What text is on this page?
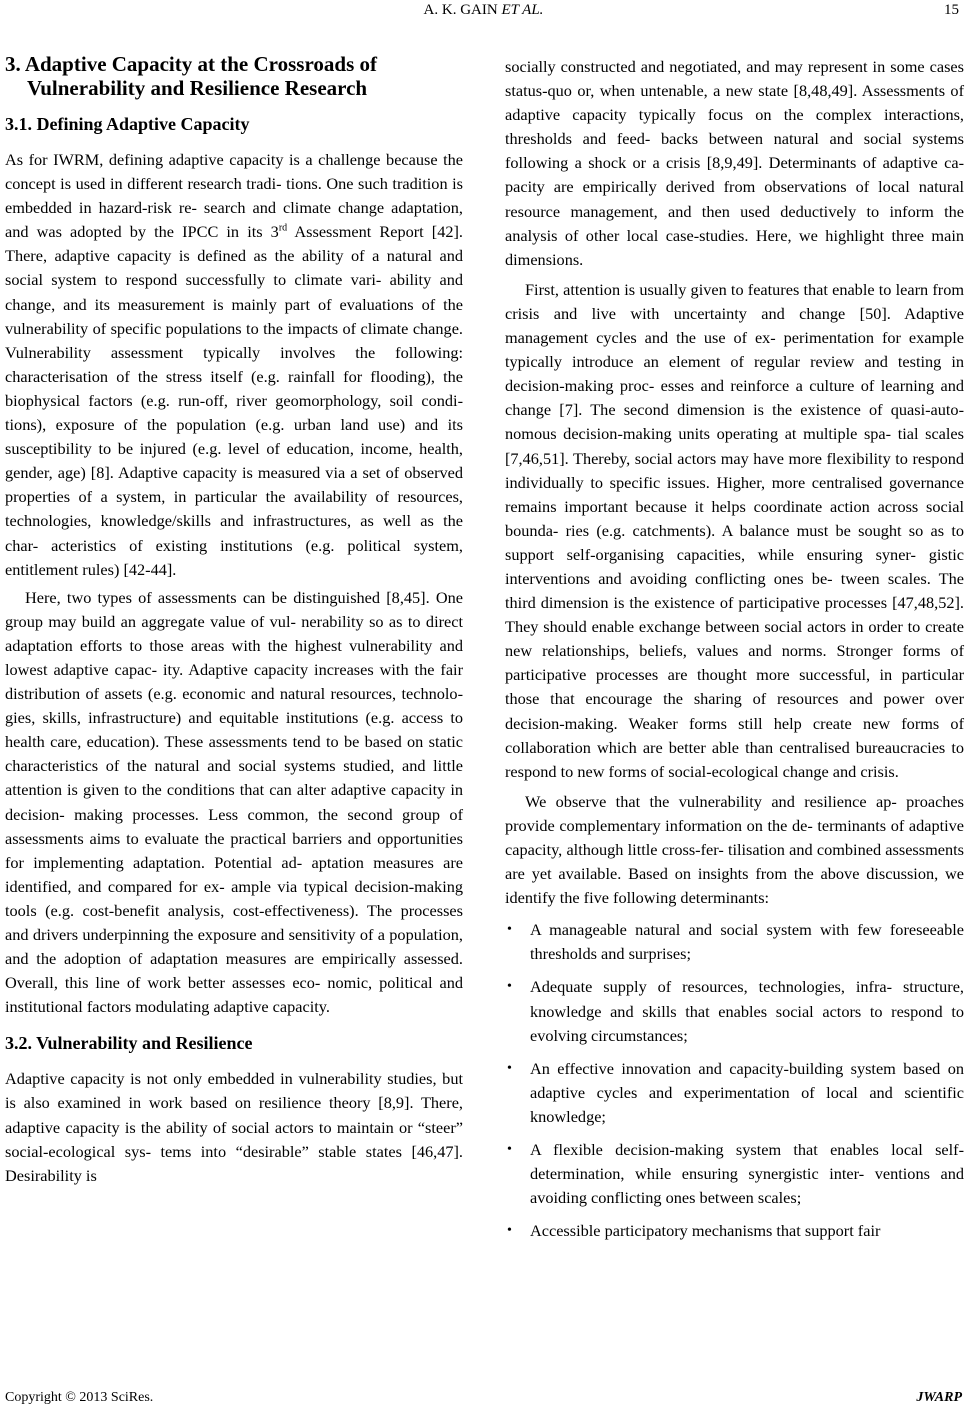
A. K. GAIN ET AL.	15
3. Adaptive Capacity at the Crossroads of
Vulnerability and Resilience Research
3.1. Defining Adaptive Capacity

As for IWRM, defining adaptive capacity is a challenge because the concept is used in different research tradi- tions. One such tradition is embedded in hazard-risk re- search and climate change adaptation, and was adopted by the IPCC in its 3rd Assessment Report [42]. There, adaptive capacity is defined as the ability of a natural and social system to respond successfully to climate vari- ability and change, and its measurement is mainly part of evaluations of the vulnerability of specific populations to the impacts of climate change. Vulnerability assessment typically involves the following: characterisation of the stress itself (e.g. rainfall for flooding), the biophysical factors (e.g. run-off, river geomorphology, soil condi- tions), exposure of the population (e.g. urban land use) and its susceptibility to be injured (e.g. level of education, income, health, gender, age) [8]. Adaptive capacity is measured via a set of observed properties of a system, in particular the availability of resources, technologies, knowledge/skills and infrastructures, as well as the char- acteristics of existing institutions (e.g. political system, entitlement rules) [42-44].

Here, two types of assessments can be distinguished [8,45]. One group may build an aggregate value of vul- nerability so as to direct adaptation efforts to those areas with the highest vulnerability and lowest adaptive capac- ity. Adaptive capacity increases with the fair distribution of assets (e.g. economic and natural resources, technolo- gies, skills, infrastructure) and equitable institutions (e.g. access to health care, education). These assessments tend to be based on static characteristics of the natural and social systems studied, and little attention is given to the conditions that can alter adaptive capacity in decision- making processes. Less common, the second group of assessments aims to evaluate the practical barriers and opportunities for implementing adaptation. Potential ad- aptation measures are identified, and compared for ex- ample via typical decision-making tools (e.g. cost-benefit analysis, cost-effectiveness). The processes and drivers underpinning the exposure and sensitivity of a population, and the adoption of adaptation measures are empirically assessed. Overall, this line of work better assesses eco- nomic, political and institutional factors modulating adaptive capacity.

3.2. Vulnerability and Resilience

Adaptive capacity is not only embedded in vulnerability studies, but is also examined in work based on resilience theory [8,9]. There, adaptive capacity is the ability of social actors to maintain or “steer” social-ecological sys- tems into “desirable” stable states [46,47]. Desirability is

socially constructed and negotiated, and may represent in some cases status-quo or, when untenable, a new state [8,48,49]. Assessments of adaptive capacity typically focus on the complex interactions, thresholds and feed- backs between natural and social systems following a shock or a crisis [8,9,49]. Determinants of adaptive ca- pacity are empirically derived from observations of local natural resource management, and then used deductively to inform the analysis of other local case-studies. Here, we highlight three main dimensions.

First, attention is usually given to features that enable to learn from crisis and live with uncertainty and change [50]. Adaptive management cycles and the use of ex- perimentation for example typically introduce an element of regular review and testing in decision-making proc- esses and reinforce a culture of learning and change [7]. The second dimension is the existence of quasi-auto- nomous decision-making units operating at multiple spa- tial scales [7,46,51]. Thereby, social actors may have more flexibility to respond individually to specific issues. Higher, more centralised governance remains important because it helps coordinate action across social bounda- ries (e.g. catchments). A balance must be sought so as to support self-organising capacities, while ensuring syner- gistic interventions and avoiding conflicting ones be- tween scales. The third dimension is the existence of participative processes [47,48,52]. They should enable exchange between social actors in order to create new relationships, beliefs, values and norms. Stronger forms of participative processes are thought more successful, in particular those that encourage the sharing of resources and power over decision-making. Weaker forms still help create new forms of collaboration which are better able than centralised bureaucracies to respond to new forms of social-ecological change and crisis.

We observe that the vulnerability and resilience ap- proaches provide complementary information on the de- terminants of adaptive capacity, although little cross-fer- tilisation and combined assessments are yet available. Based on insights from the above discussion, we identify the five following determinants:

• A manageable natural and social system with few foreseeable thresholds and surprises;
• Adequate supply of resources, technologies, infra- structure, knowledge and skills that enables social actors to respond to evolving circumstances;
• An effective innovation and capacity-building system based on adaptive cycles and experimentation of local and scientific knowledge;
• A flexible decision-making system that enables local self-determination, while ensuring synergistic inter- ventions and avoiding conflicting ones between scales;
• Accessible participatory mechanisms that support fair
Copyright © 2013 SciRes.	JWARP
